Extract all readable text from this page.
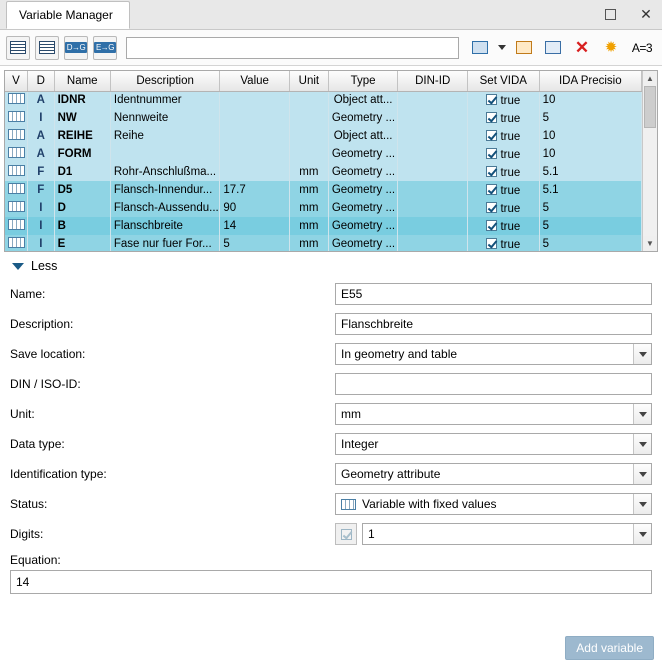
Variable Manager	✕
D→G E→G	✕ ✹ A=3
V	D	Name	Description	Value	Unit	Type	DIN-ID	Set VIDA	IDA Precisio
	A	IDNR	Identnummer			Object att...		true	10
	I	NW	Nennweite			Geometry ...		true	5
	A	REIHE	Reihe			Object att...		true	10
	A	FORM				Geometry ...		true	10
	F	D1	Rohr-Anschlußma...		mm	Geometry ...		true	5.1
	F	D5	Flansch-Innendur...	17.7	mm	Geometry ...		true	5.1
	I	D	Flansch-Aussendu...	90	mm	Geometry ...		true	5
	I	B	Flanschbreite	14	mm	Geometry ...		true	5
	I	E	Fase nur fuer For...	5	mm	Geometry ...		true	5

▲
▼
Less
Name:	E55
Description:	Flanschbreite
Save location:	In geometry and table
DIN / ISO-ID:
Unit:	mm
Data type:	Integer
Identification type:	Geometry attribute
Status:	Variable with fixed values
Digits:	1
Equation:
14
Add variable
